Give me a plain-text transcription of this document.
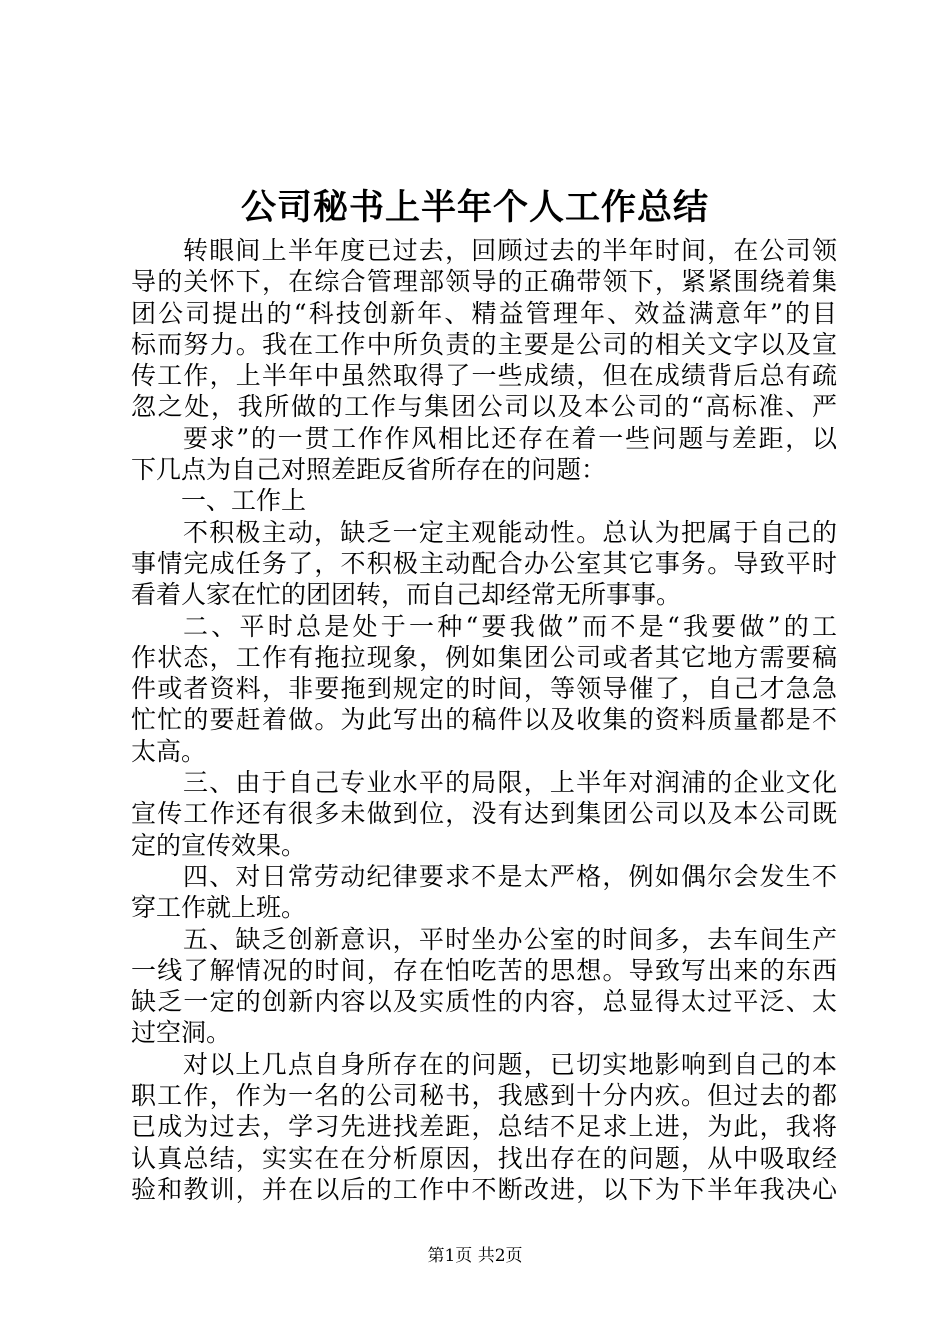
公司秘书上半年个人工作总结
转眼间上半年度已过去，回顾过去的半年时间，在公司领
导的关怀下，在综合管理部领导的正确带领下，紧紧围绕着集
团公司提出的“科技创新年、精益管理年、效益满意年”的目
标而努力。我在工作中所负责的主要是公司的相关文字以及宣
传工作，上半年中虽然取得了一些成绩，但在成绩背后总有疏
忽之处，我所做的工作与集团公司以及本公司的“高标准、严
要求”的一贯工作作风相比还存在着一些问题与差距，以
下几点为自己对照差距反省所存在的问题：
一、工作上
不积极主动，缺乏一定主观能动性。总认为把属于自己的
事情完成任务了，不积极主动配合办公室其它事务。导致平时
看着人家在忙的团团转，而自己却经常无所事事。
二、平时总是处于一种“要我做”而不是“我要做”的工
作状态，工作有拖拉现象，例如集团公司或者其它地方需要稿
件或者资料，非要拖到规定的时间，等领导催了，自己才急急
忙忙的要赶着做。为此写出的稿件以及收集的资料质量都是不
太高。
三、由于自己专业水平的局限，上半年对润浦的企业文化
宣传工作还有很多未做到位，没有达到集团公司以及本公司既
定的宣传效果。
四、对日常劳动纪律要求不是太严格，例如偶尔会发生不
穿工作就上班。
五、缺乏创新意识，平时坐办公室的时间多，去车间生产
一线了解情况的时间，存在怕吃苦的思想。导致写出来的东西
缺乏一定的创新内容以及实质性的内容，总显得太过平泛、太
过空洞。
对以上几点自身所存在的问题，已切实地影响到自己的本
职工作，作为一名的公司秘书，我感到十分内疚。但过去的都
已成为过去，学习先进找差距，总结不足求上进，为此，我将
认真总结，实实在在分析原因，找出存在的问题，从中吸取经
验和教训，并在以后的工作中不断改进，以下为下半年我决心
第1页 共2页
